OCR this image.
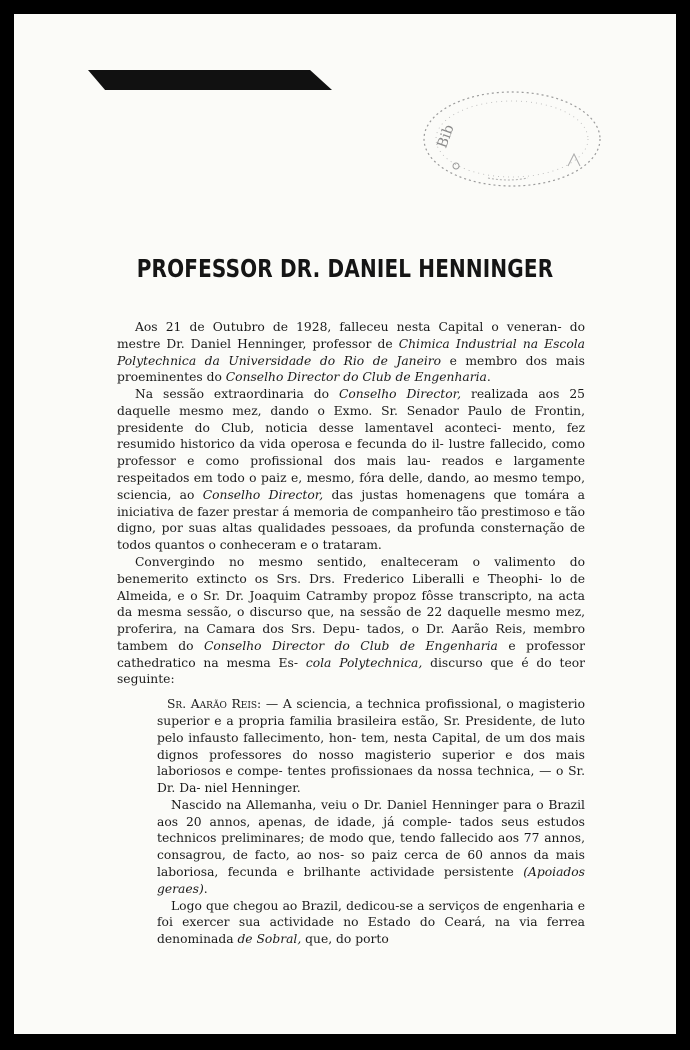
Bib
PROFESSOR DR. DANIEL HENNINGER

Aos 21 de Outubro de 1928, falleceu nesta Capital o veneran- do mestre Dr. Daniel Henninger, professor de Chimica Industrial na Escola Polytechnica da Universidade do Rio de Janeiro e membro dos mais proeminentes do Conselho Director do Club de Engenharia.

Na sessão extraordinaria do Conselho Director, realizada aos 25 daquelle mesmo mez, dando o Exmo. Sr. Senador Paulo de Frontin, presidente do Club, noticia desse lamentavel aconteci- mento, fez resumido historico da vida operosa e fecunda do il- lustre fallecido, como professor e como profissional dos mais lau- reados e largamente respeitados em todo o paiz e, mesmo, fóra delle, dando, ao mesmo tempo, sciencia, ao Conselho Director, das justas homenagens que tomára a iniciativa de fazer prestar á memoria de companheiro tão prestimoso e tão digno, por suas altas qualidades pessoaes, da profunda consternação de todos quantos o conheceram e o trataram.

Convergindo no mesmo sentido, enalteceram o valimento do benemerito extincto os Srs. Drs. Frederico Liberalli e Theophi- lo de Almeida, e o Sr. Dr. Joaquim Catramby propoz fôsse transcripto, na acta da mesma sessão, o discurso que, na sessão de 22 daquelle mesmo mez, proferira, na Camara dos Srs. Depu- tados, o Dr. Aarão Reis, membro tambem do Conselho Director do Club de Engenharia e professor cathedratico na mesma Es- cola Polytechnica, discurso que é do teor seguinte:

Sr. Aarão Reis: — A sciencia, a technica profissional, o magisterio superior e a propria familia brasileira estão, Sr. Presidente, de luto pelo infausto fallecimento, hon- tem, nesta Capital, de um dos mais dignos professores do nosso magisterio superior e dos mais laboriosos e compe- tentes profissionaes da nossa technica, — o Sr. Dr. Da- niel Henninger.

Nascido na Allemanha, veiu o Dr. Daniel Henninger para o Brazil aos 20 annos, apenas, de idade, já comple- tados seus estudos technicos preliminares; de modo que, tendo fallecido aos 77 annos, consagrou, de facto, ao nos- so paiz cerca de 60 annos da mais laboriosa, fecunda e brilhante actividade persistente (Apoiados geraes).

Logo que chegou ao Brazil, dedicou-se a serviços de engenharia e foi exercer sua actividade no Estado do Ceará, na via ferrea denominada de Sobral, que, do porto
